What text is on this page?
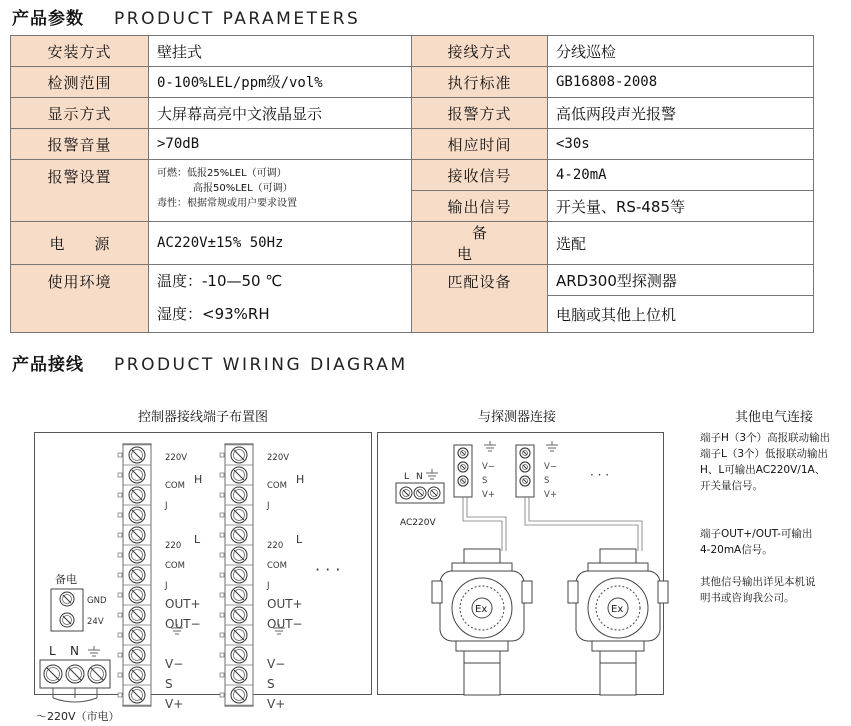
产品参数 PRODUCT PARAMETERS
安装方式	壁挂式	接线方式	分线巡检
检测范围	0-100%LEL/ppm级/vol%	执行标准	GB16808-2008
显示方式	大屏幕高亮中文液晶显示	报警方式	高低两段声光报警
报警音量	>70dB	相应时间	<30s
报警设置	可燃：低报25%LEL（可调）
高报50%LEL（可调）
毒性：根据常规或用户要求设置	接收信号	4-20mA
		输出信号	开关量、RS-485等
电源	AC220V±15% 50Hz	备电	选配
使用环境	温度：-10—50 ℃	匹配设备	ARD300型探测器
	湿度：<93%RH		电脑或其他上位机
产品接线 PRODUCT WIRING DIAGRAM
控制器接线端子布置图	与探测器连接	其他电气连接
220V
COM
J
220
COM
J
OUT+
OUT−
V−
S
V+
H
L
220V
COM
J
220
COM
J
OUT+
OUT−
V−
S
V+
H
L
· · ·
备电
GND
24V
L N
～220V（市电）
L N
AC220V
V−
S
V+
Ex
V−
S
V+
Ex
· · ·
端子H（3个）高报联动输出
端子L（3个）低报联动输出
H、L可输出AC220V/1A、
开关量信号。
端子OUT+/OUT-可输出
4-20mA信号。
其他信号输出详见本机说
明书或咨询我公司。
